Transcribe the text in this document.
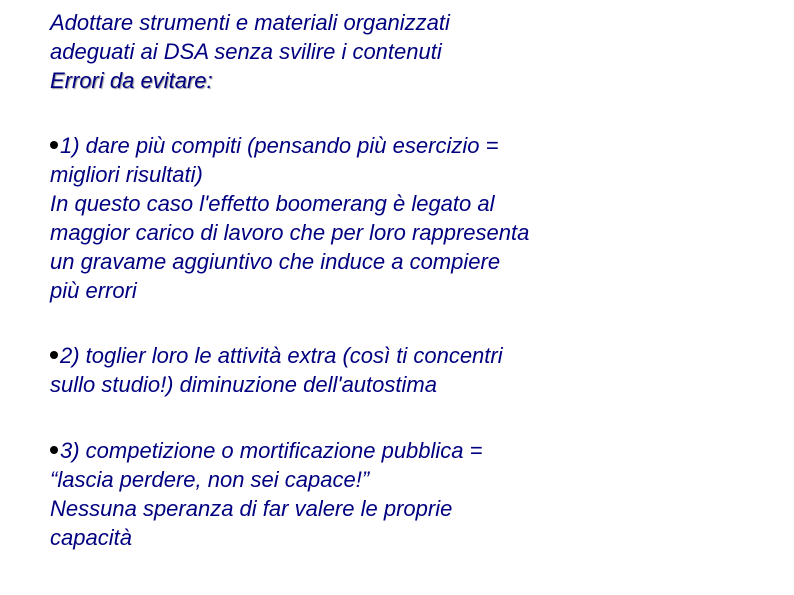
Adottare strumenti e materiali organizzati
adeguati ai DSA senza svilire i contenuti
Errori da evitare:
1) dare più compiti (pensando più esercizio =
migliori risultati)
In questo caso l'effetto boomerang è legato al
maggior carico di lavoro che per loro rappresenta
un gravame aggiuntivo che induce a compiere
più errori
2) toglier loro le attività extra (così ti concentri
sullo studio!) diminuzione dell'autostima
3) competizione o mortificazione pubblica =
“lascia perdere, non sei capace!”
Nessuna speranza di far valere le proprie
capacità
